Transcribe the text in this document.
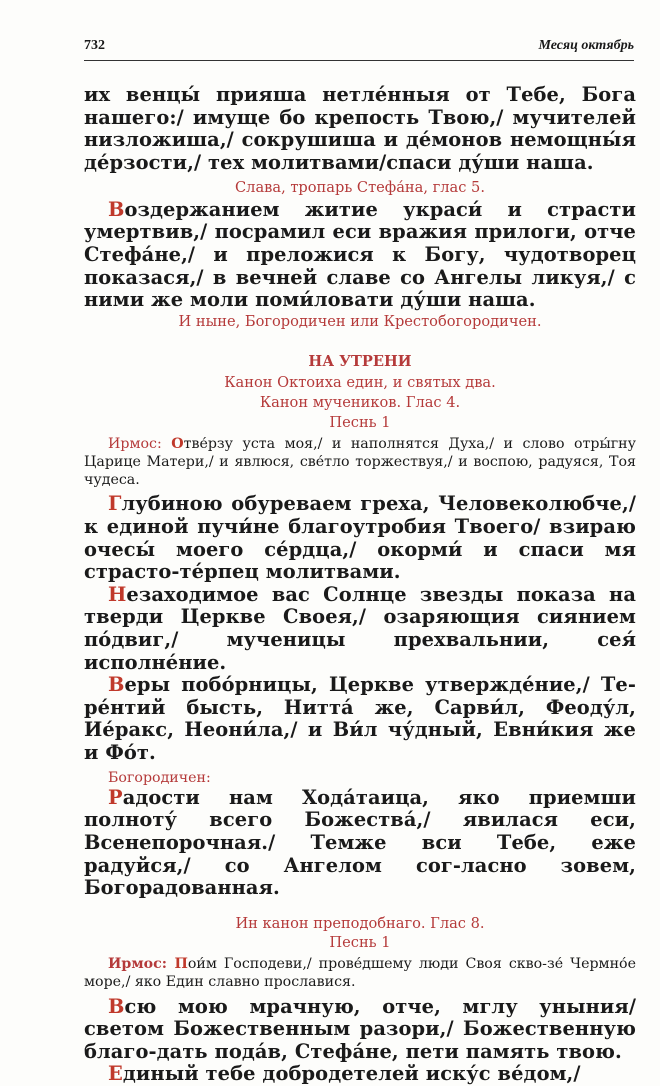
732	Месяц октябрь

их венцы́ прияша нетле́нныя от Тебе, Бога нашего:/ имуще бо крепость Твою,/ мучителей низложиша,/ сокрушиша и де́монов немощны́я де́рзости,/ тех молитвами/спаси ду́ши наша.

Слава, тропарь Стефа́на, глас 5.

Воздержанием житие украси́ и страсти умертвив,/ посрамил еси вражия прилоги, отче Стефа́не,/ и преложися к Богу, чудотворец показася,/ в вечней славе со Ангелы ликуя,/ с ними же моли поми́ловати ду́ши наша.

И ныне, Богородичен или Крестобогородичен.

НА УТРЕНИ

Канон Октоиха един, и святых два.

Канон мучеников. Глас 4.

Песнь 1

Ирмос: Отве́рзу уста моя,/ и наполнятся Духа,/ и слово отры́гну Царице Матери,/ и явлюся, све́тло торжествуя,/ и воспою, радуяся, Тоя чудеса.

Глубиною обуреваем греха, Человеколюбче,/ к единой пучи́не благоутробия Твоего/ взираю очесы́ моего се́рдца,/ окорми́ и спаси мя страсто-те́рпец молитвами.

Незаходимое вас Солнце звезды показа на тверди Церкве Своея,/ озаряющия сиянием по́двиг,/ мученицы прехвальнии, сея́ исполне́ние.

Веры побо́рницы, Церкве утвержде́ние,/ Те-ре́нтий бысть, Нитта́ же, Сарви́л, Феоду́л, Ие́ракс, Неони́ла,/ и Ви́л чу́дный, Евни́кия же и Фо́т.

Богородичен:

Радости нам Хода́таица, яко приемши полноту́ всего Божества́,/ явилася еси, Всенепорочная./ Темже вси Тебе, еже радуйся,/ со Ангелом сог-ласно зовем, Богорадованная.

Ин канон преподобнаго. Глас 8.

Песнь 1

Ирмос: Пои́м Господеви,/ прове́дшему люди Своя скво-зе́ Чермно́е море,/ яко Един славно прославися.

Всю мою мрачную, отче, мглу уныния/ светом Божественным разори,/ Божественную благо-дать пода́в, Стефа́не, пети память твою.

Единый тебе добродетелей иску́с ве́дом,/
